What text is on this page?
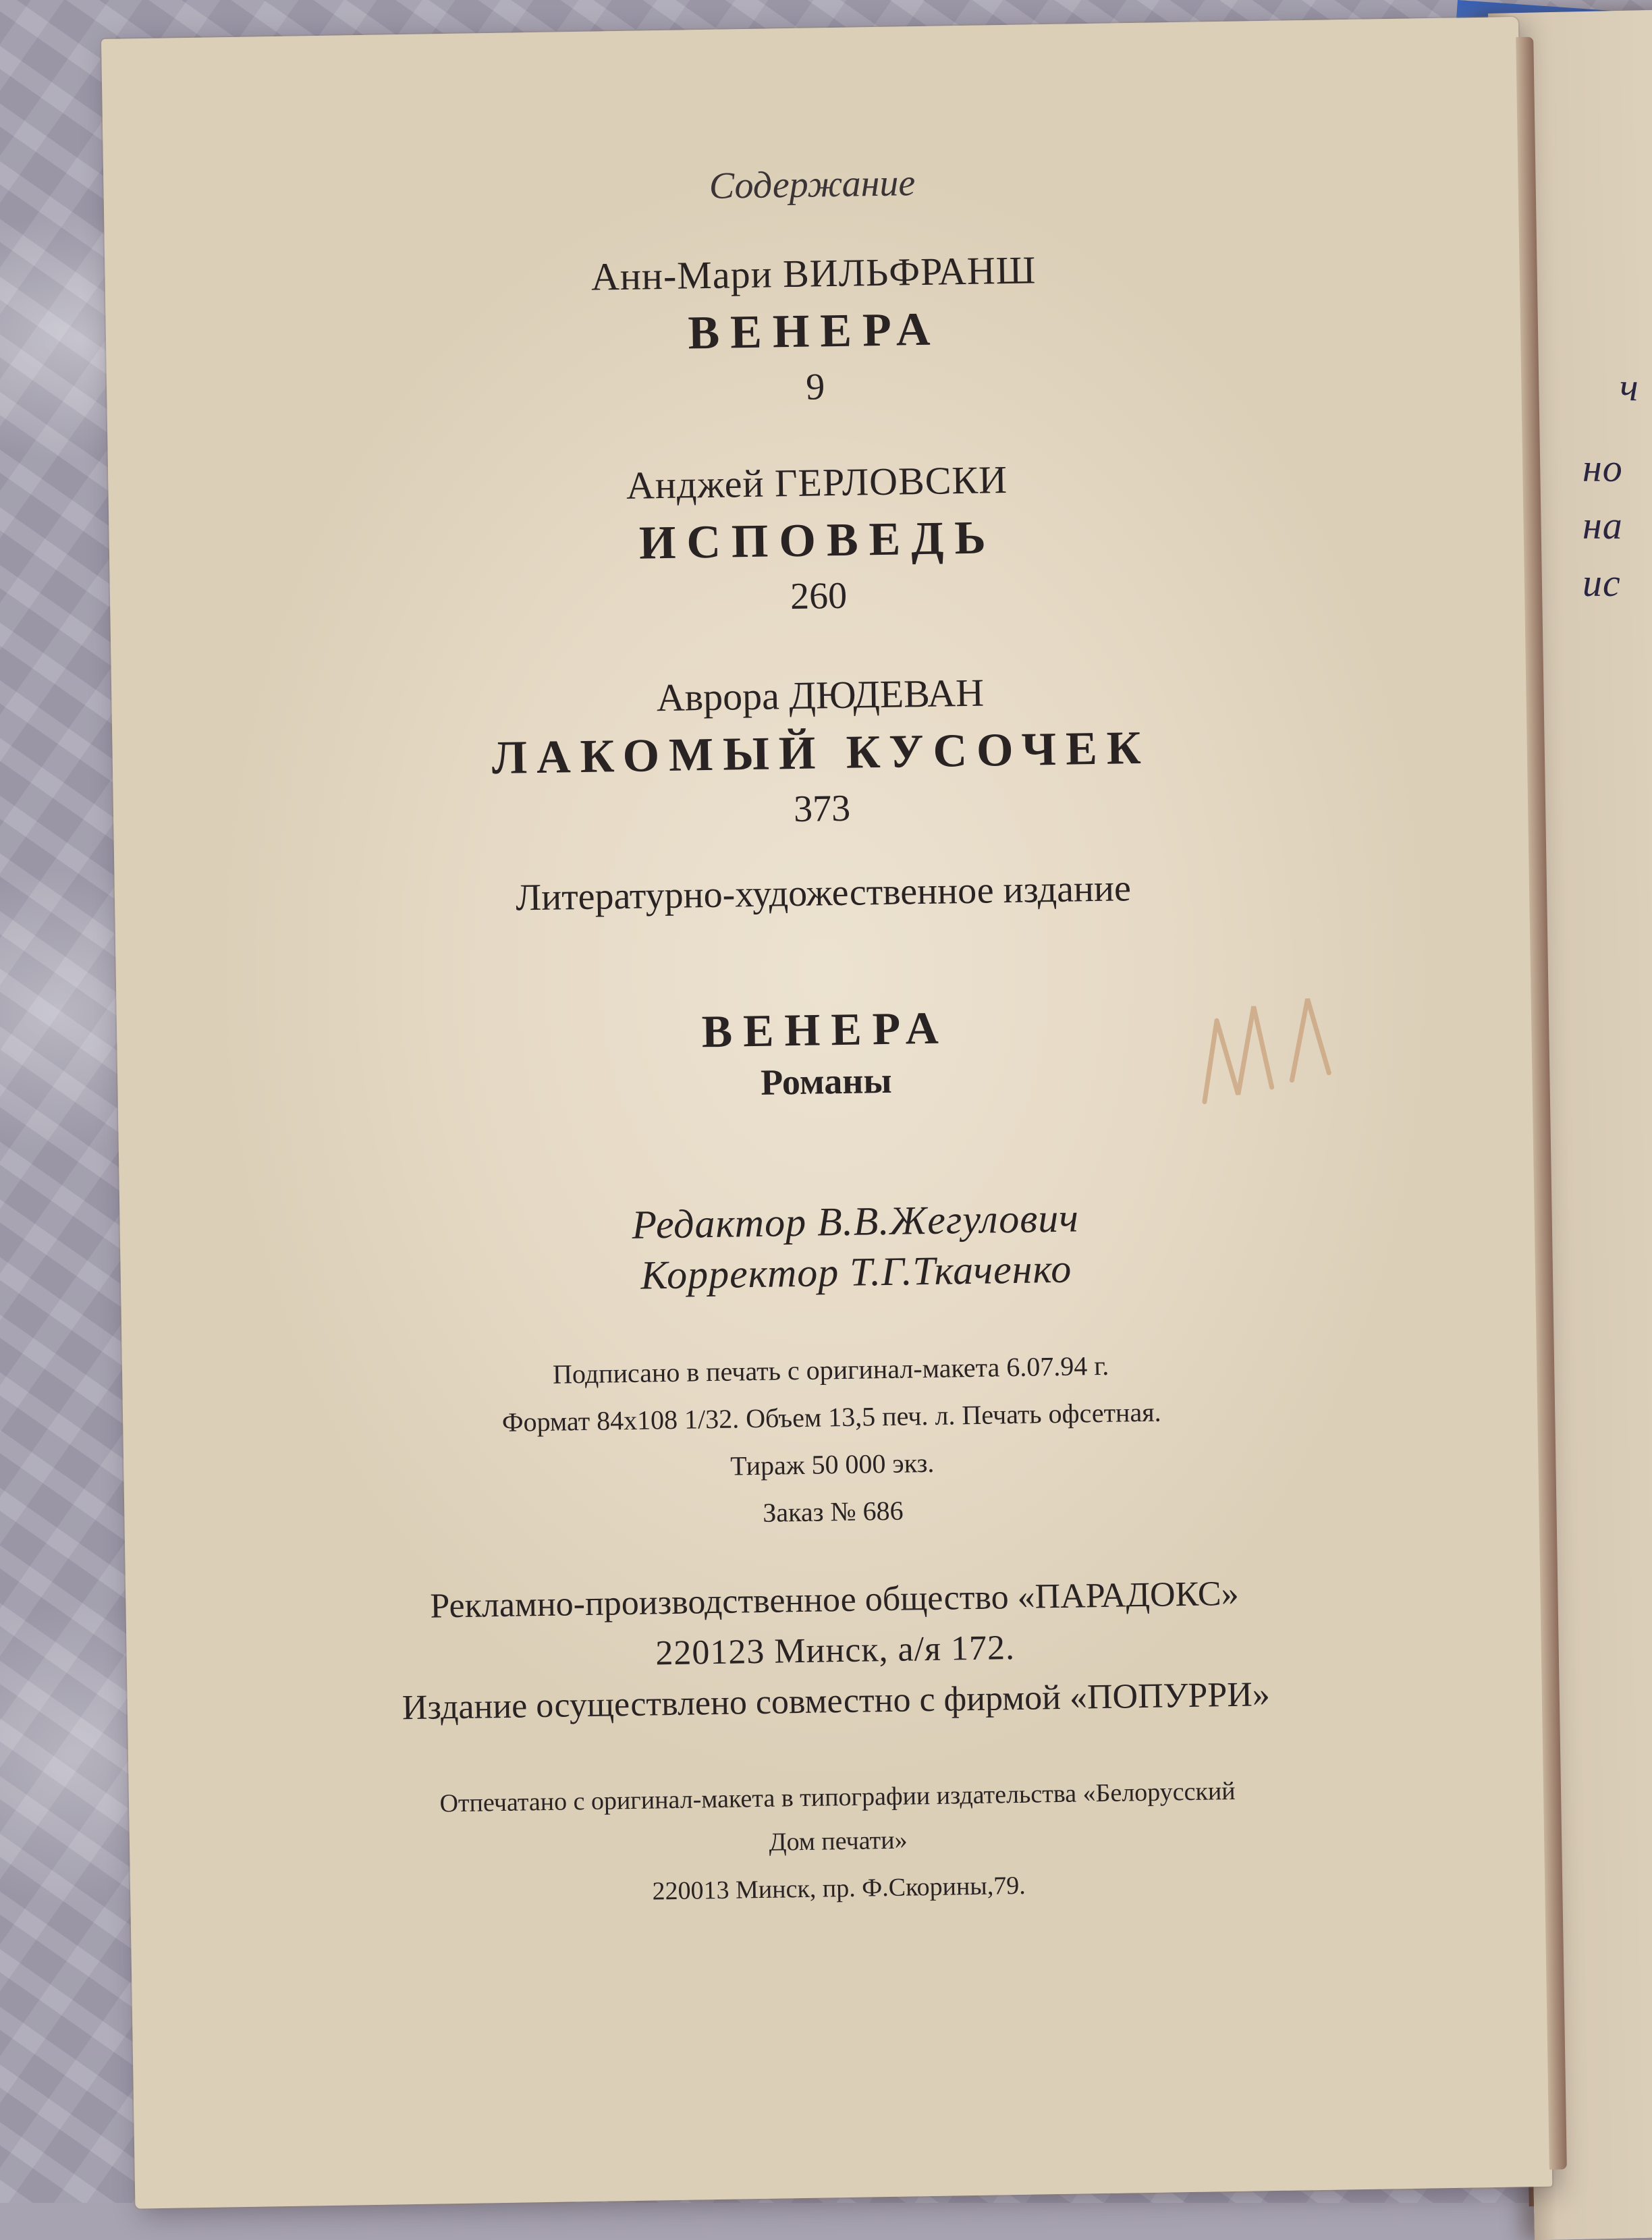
ч
но
на
ис
Содержание
Анн-Мари ВИЛЬФРАНШ
ВЕНЕРА
9
Анджей ГЕРЛОВСКИ
ИСПОВЕДЬ
260
Аврора ДЮДЕВАН
ЛАКОМЫЙ КУСОЧЕК
373
Литературно-художественное издание
ВЕНЕРА
Романы
Редактор В.В.Жегулович
Корректор Т.Г.Ткаченко
Подписано в печать с оригинал-макета 6.07.94 г.
Формат 84x108 1/32. Объем 13,5 печ. л. Печать офсетная.
Тираж 50 000 экз.
Заказ № 686
Рекламно-производственное общество «ПАРАДОКС»
220123 Минск, а/я 172.
Издание осуществлено совместно с фирмой «ПОПУРРИ»
Отпечатано с оригинал-макета в типографии издательства «Белорусский
Дом печати»
220013 Минск, пр. Ф.Скорины,79.
